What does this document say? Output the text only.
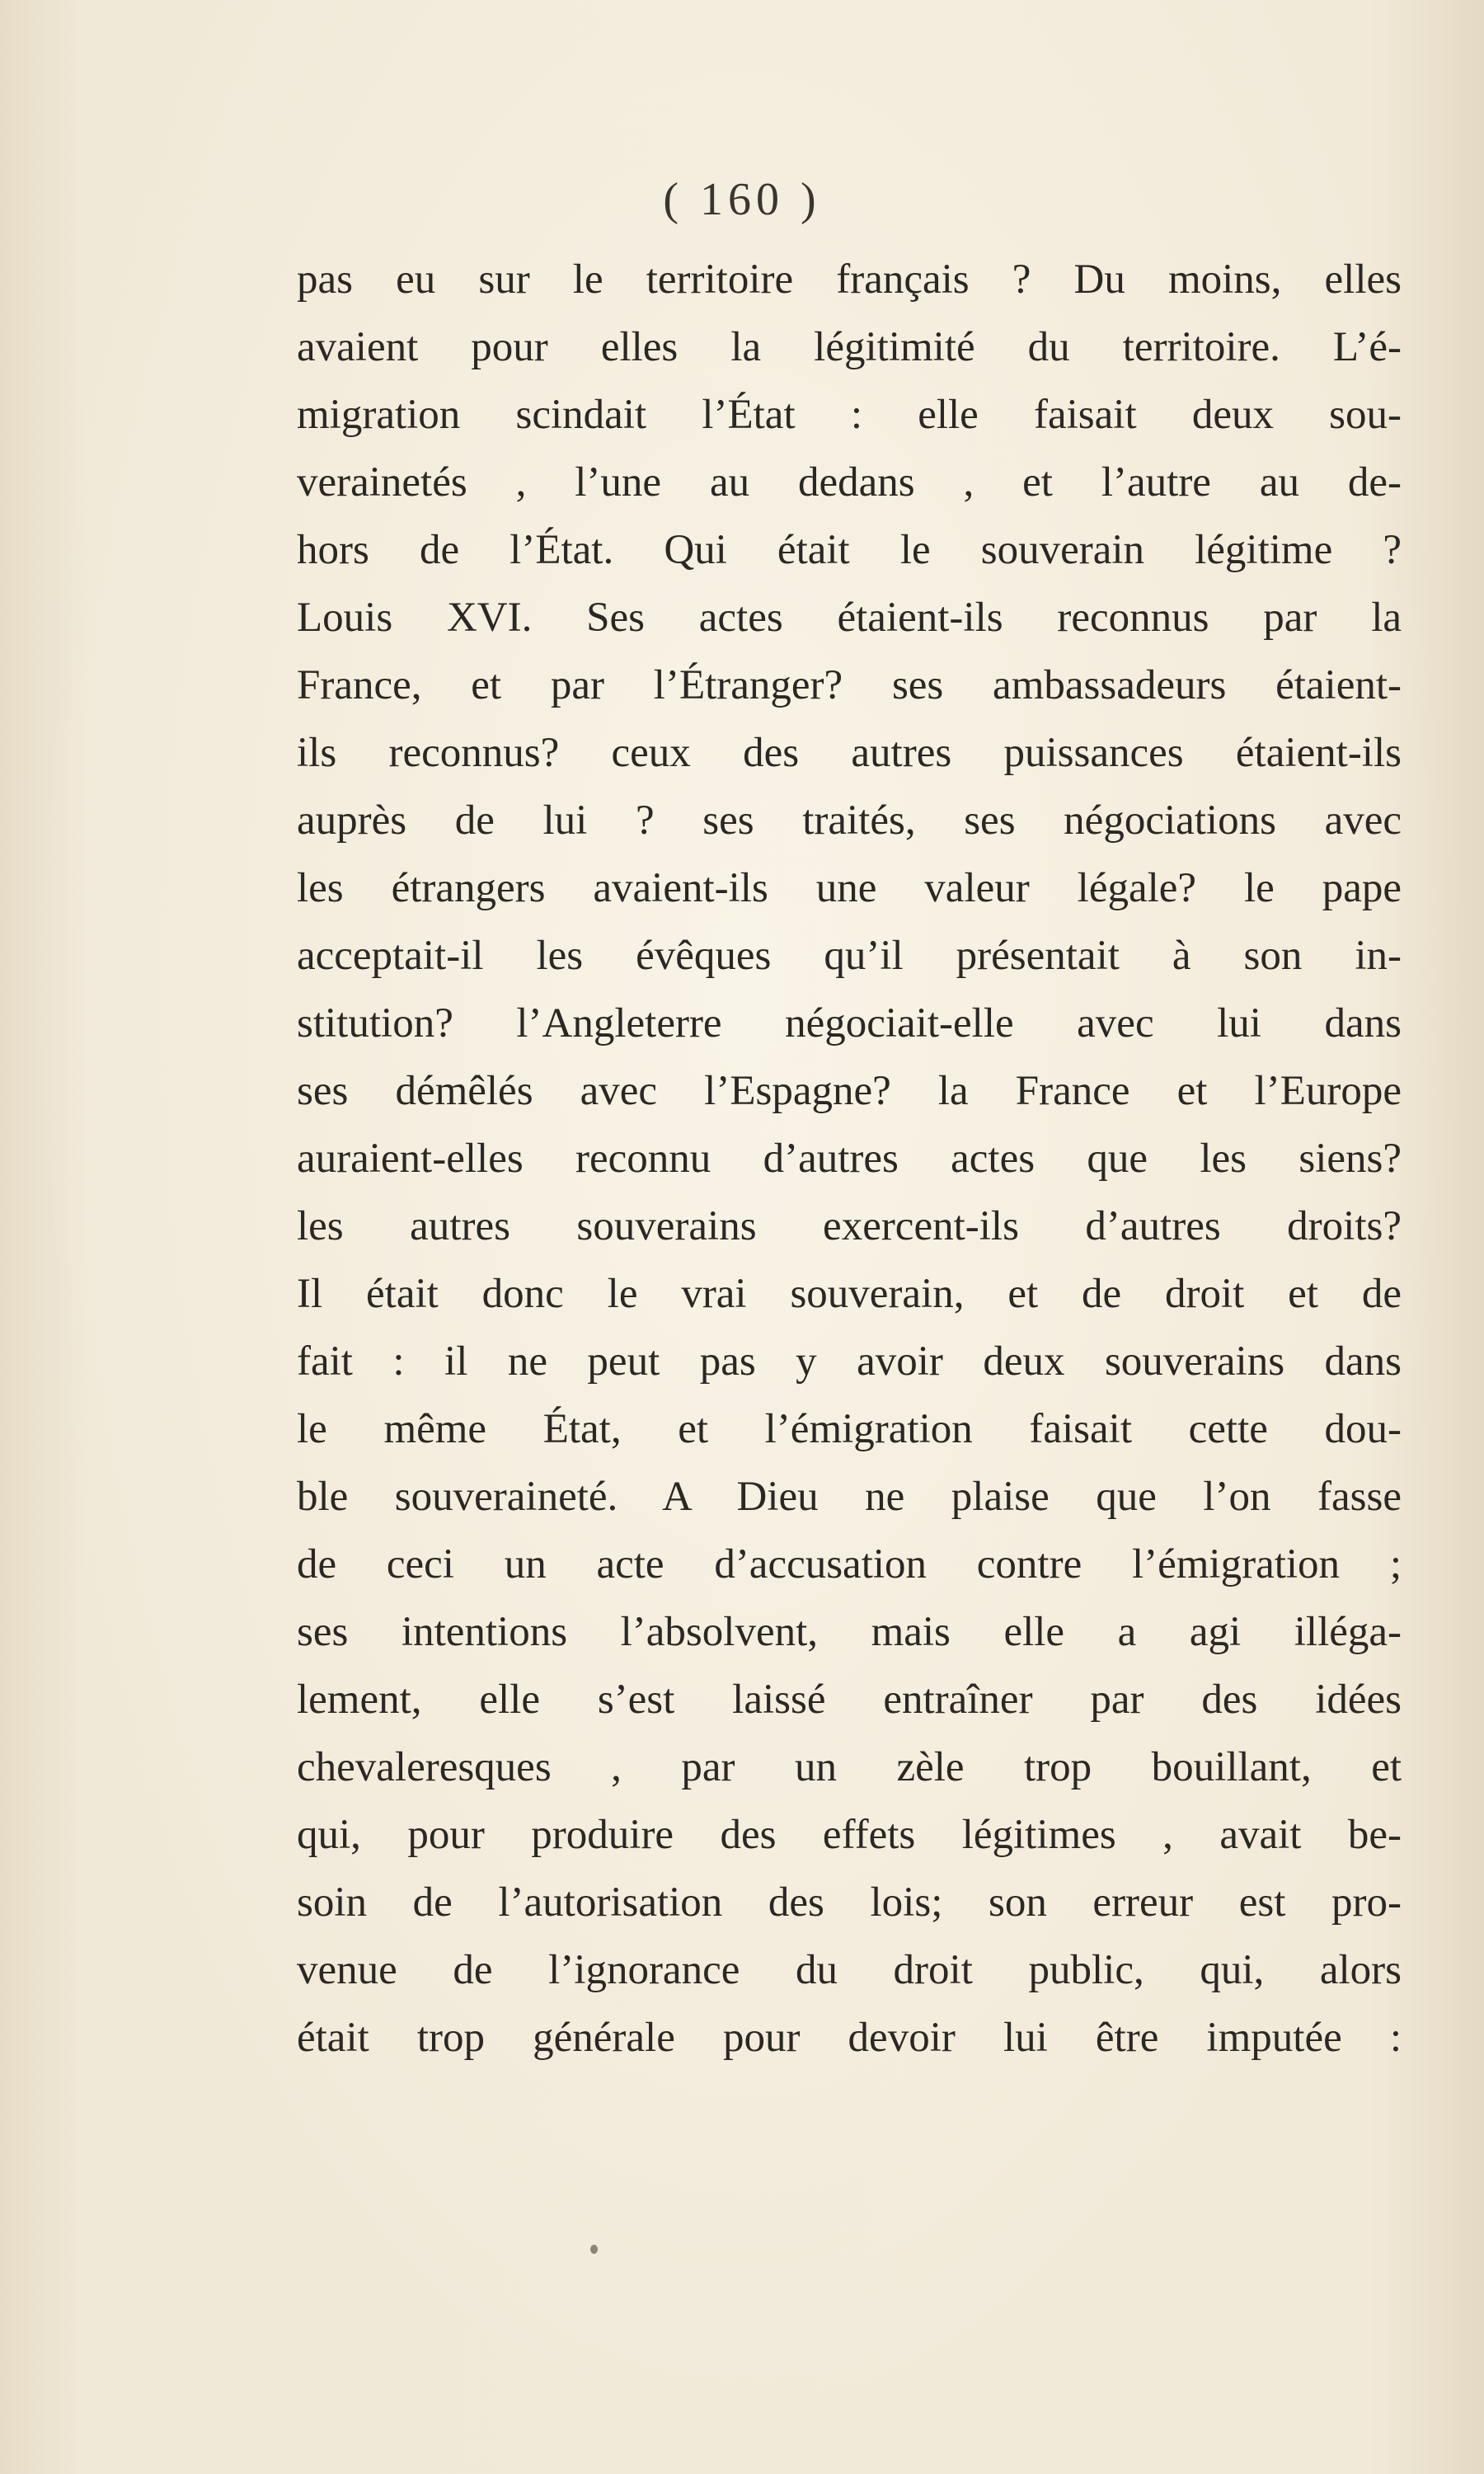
( 160 )
pas eu sur le territoire français ? Du moins, elles
avaient pour elles la légitimité du territoire. L’é-
migration scindait l’État : elle faisait deux sou-
verainetés , l’une au dedans , et l’autre au de-
hors de l’État. Qui était le souverain légitime ?
Louis XVI. Ses actes étaient-ils reconnus par la
France, et par l’Étranger? ses ambassadeurs étaient-
ils reconnus? ceux des autres puissances étaient-ils
auprès de lui ? ses traités, ses négociations avec
les étrangers avaient-ils une valeur légale? le pape
acceptait-il les évêques qu’il présentait à son in-
stitution? l’Angleterre négociait-elle avec lui dans
ses démêlés avec l’Espagne? la France et l’Europe
auraient-elles reconnu d’autres actes que les siens?
les autres souverains exercent-ils d’autres droits?
Il était donc le vrai souverain, et de droit et de
fait : il ne peut pas y avoir deux souverains dans
le même État, et l’émigration faisait cette dou-
ble souveraineté. A Dieu ne plaise que l’on fasse
de ceci un acte d’accusation contre l’émigration ;
ses intentions l’absolvent, mais elle a agi illéga-
lement, elle s’est laissé entraîner par des idées
chevaleresques , par un zèle trop bouillant, et
qui, pour produire des effets légitimes , avait be-
soin de l’autorisation des lois; son erreur est pro-
venue de l’ignorance du droit public, qui, alors
était trop générale pour devoir lui être imputée :
